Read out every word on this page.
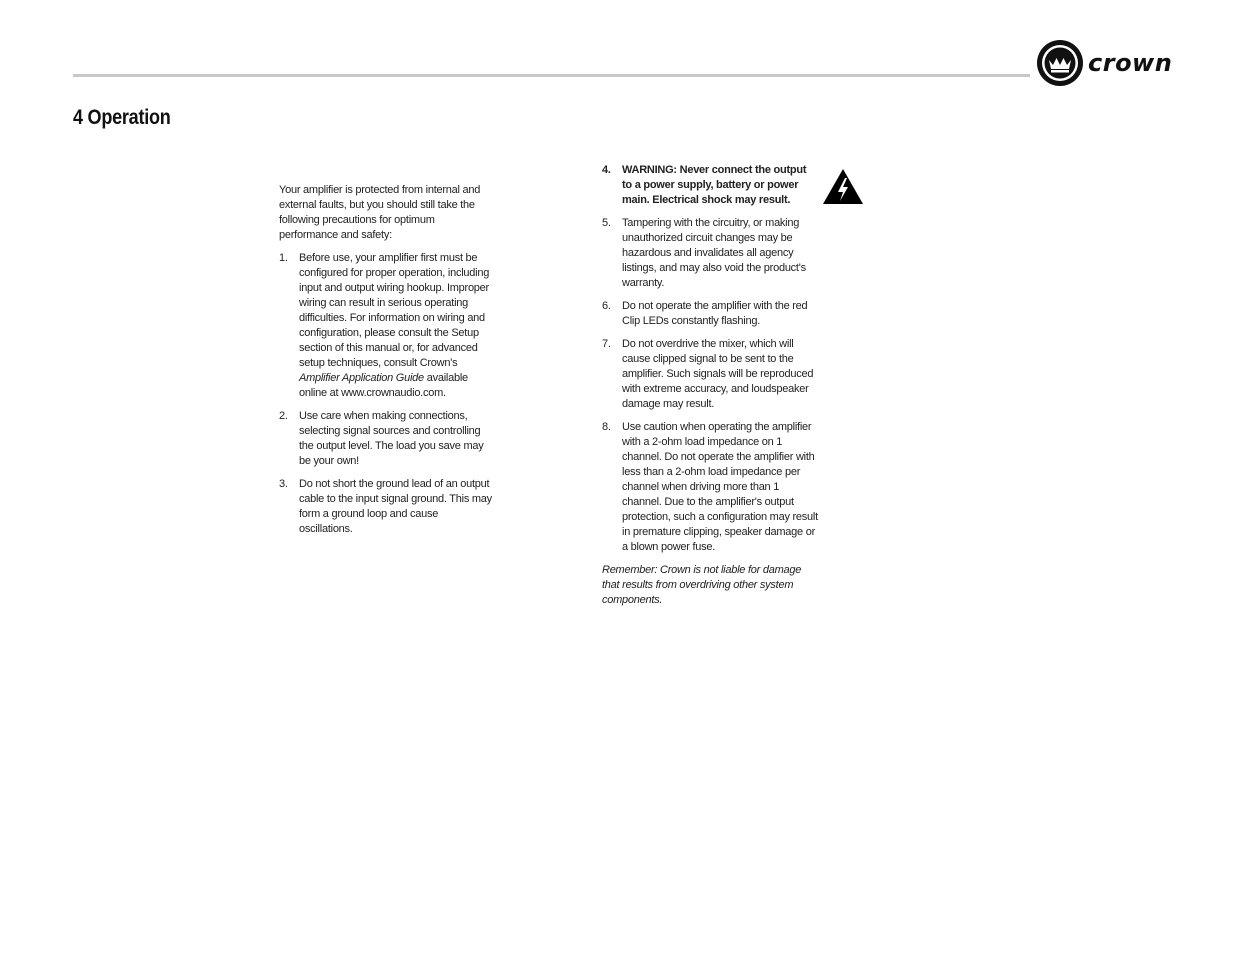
crown
4 Operation

Your amplifier is protected from internal and external faults, but you should still take the following precautions for optimum performance and safety:

1.	Before use, your amplifier first must be configured for proper operation, including input and output wiring hookup. Improper wiring can result in serious operating difficulties. For information on wiring and configuration, please consult the Setup section of this manual or, for advanced setup techniques, consult Crown's Amplifier Application Guide available online at www.crownaudio.com.
2.	Use care when making connections, selecting signal sources and controlling the output level. The load you save may be your own!
3.	Do not short the ground lead of an output cable to the input signal ground. This may form a ground loop and cause oscillations.
4.	WARNING: Never connect the output to a power supply, battery or power main. Electrical shock may result.
5.	Tampering with the circuitry, or making unauthorized circuit changes may be hazardous and invalidates all agency listings, and may also void the product's warranty.
6.	Do not operate the amplifier with the red Clip LEDs constantly flashing.
7.	Do not overdrive the mixer, which will cause clipped signal to be sent to the amplifier. Such signals will be reproduced with extreme accuracy, and loudspeaker damage may result.
8.	Use caution when operating the amplifier with a 2-ohm load impedance on 1 channel. Do not operate the amplifier with less than a 2-ohm load impedance per channel when driving more than 1 channel. Due to the amplifier's output protection, such a configuration may result in premature clipping, speaker damage or a blown power fuse.

Remember: Crown is not liable for damage that results from overdriving other system components.
